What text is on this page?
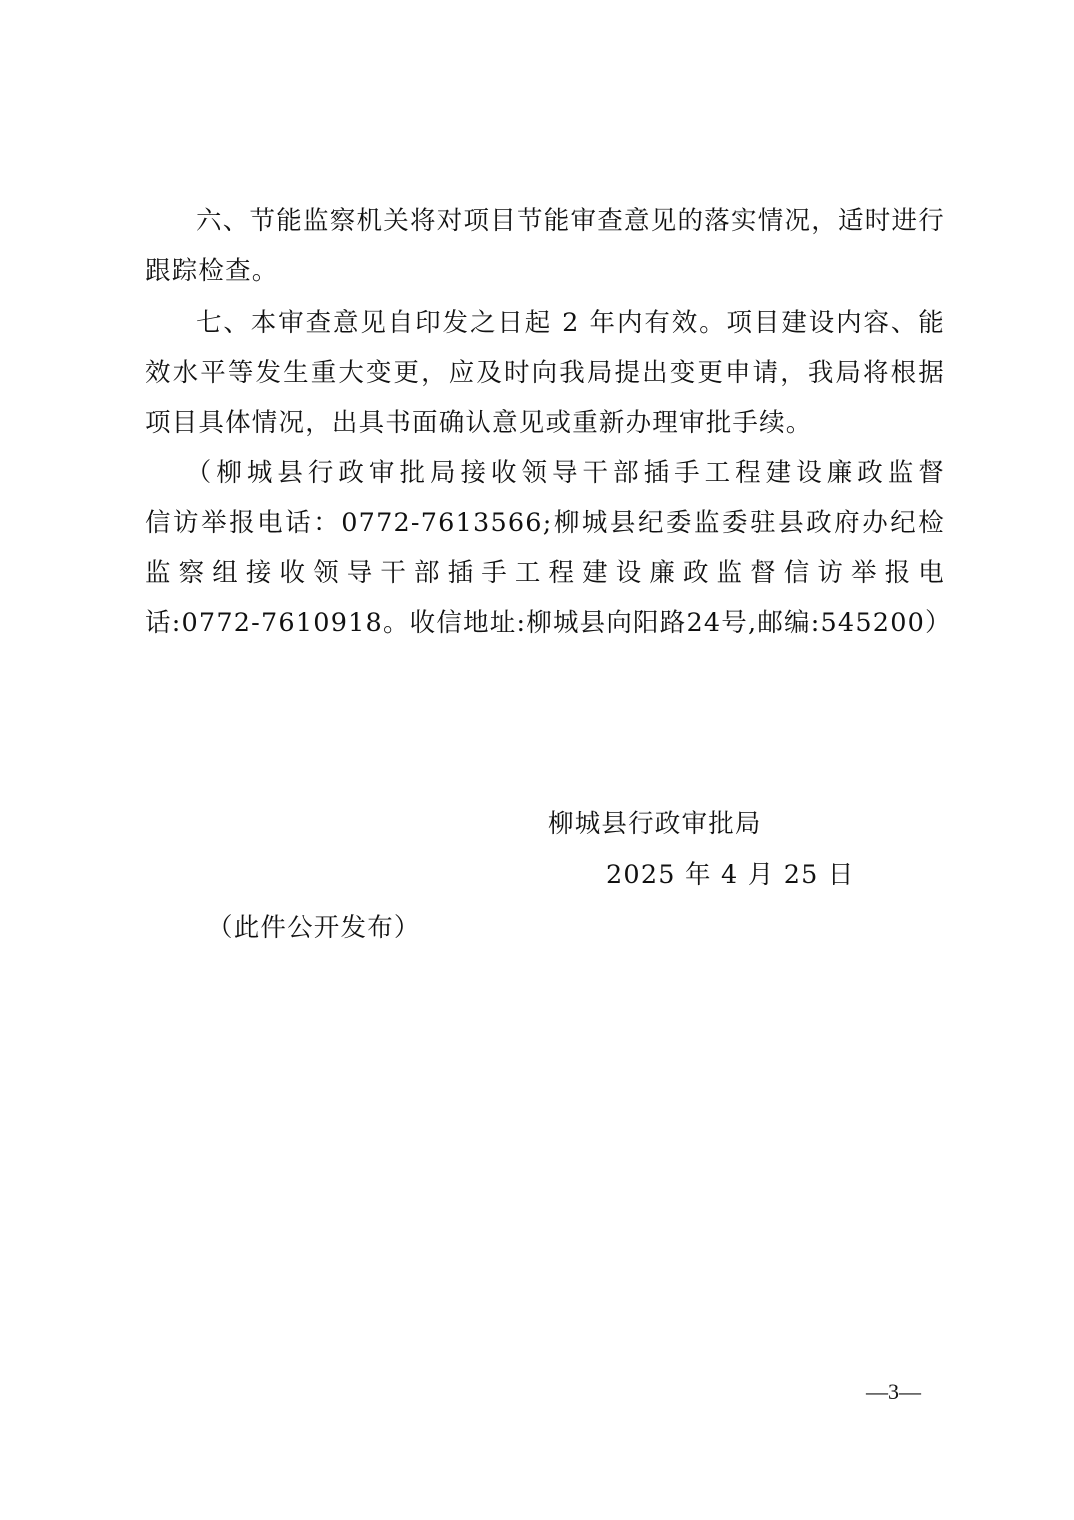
六、节能监察机关将对项目节能审查意见的落实情况，适时进行跟踪检查。

七、本审查意见自印发之日起 2 年内有效。项目建设内容、能效水平等发生重大变更，应及时向我局提出变更申请，我局将根据项目具体情况，出具书面确认意见或重新办理审批手续。

（柳城县行政审批局接收领导干部插手工程建设廉政监督
信访举报电话：0772-7613566;柳城县纪委监委驻县政府办纪检
监察组接收领导干部插手工程建设廉政监督信访举报电
话:0772-7610918。收信地址:柳城县向阳路24号,邮编:545200）
柳城县行政审批局
2025 年 4 月 25 日
（此件公开发布）
—3—
